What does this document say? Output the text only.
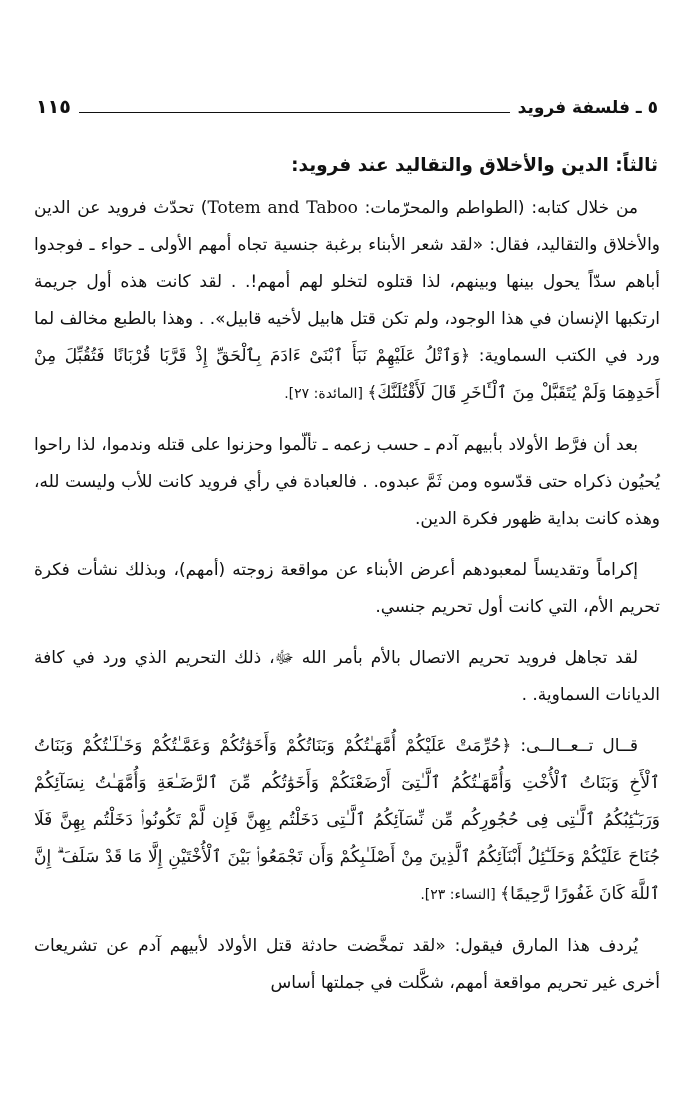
٥ ـ فلسفة فرويد
١١٥
ثالثاً: الدين والأخلاق والتقاليد عند فرويد:

من خلال كتابه: (الطواطم والمحرّمات: Totem and Taboo) تحدّث فرويد عن الدين والأخلاق والتقاليد، فقال: «لقد شعر الأبناء برغبة جنسية تجاه أمهم الأولى ـ حواء ـ فوجدوا أباهم سدّاً يحول بينها وبينهم، لذا قتلوه لتخلو لهم أمهم!. . لقد كانت هذه أول جريمة ارتكبها الإنسان في هذا الوجود، ولم تكن قتل هابيل لأخيه قابيل». . وهذا بالطبع مخالف لما ورد في الكتب السماوية: ﴿وَٱتْلُ عَلَيْهِمْ نَبَأَ ٱبْنَىْ ءَادَمَ بِٱلْحَقِّ إِذْ قَرَّبَا قُرْبَانًا فَتُقُبِّلَ مِنْ أَحَدِهِمَا وَلَمْ يُتَقَبَّلْ مِنَ ٱلْـَٔاخَرِ قَالَ لَأَقْتُلَنَّكَ﴾ [المائدة: ٢٧].

بعد أن فرَّط الأولاد بأبيهم آدم ـ حسب زعمه ـ تألّموا وحزنوا على قتله وندموا، لذا راحوا يُحيُون ذكراه حتى قدّسوه ومن ثَمَّ عبدوه. . فالعبادة في رأي فرويد كانت للأب وليست لله، وهذه كانت بداية ظهور فكرة الدين.

إكراماً وتقديساً لمعبودهم أعرض الأبناء عن مواقعة زوجته (أمهم)، وبذلك نشأت فكرة تحريم الأم، التي كانت أول تحريم جنسي.

لقد تجاهل فرويد تحريم الاتصال بالأم بأمر الله ﷻ، ذلك التحريم الذي ورد في كافة الديانات السماوية. .

قــال تــعــالــى: ﴿حُرِّمَتْ عَلَيْكُمْ أُمَّهَـٰتُكُمْ وَبَنَاتُكُمْ وَأَخَوَٰتُكُمْ وَعَمَّـٰتُكُمْ وَخَـٰلَـٰتُكُمْ وَبَنَاتُ ٱلْأَخِ وَبَنَاتُ ٱلْأُخْتِ وَأُمَّهَـٰتُكُمُ ٱلَّـٰتِىٓ أَرْضَعْنَكُمْ وَأَخَوَٰتُكُم مِّنَ ٱلرَّضَـٰعَةِ وَأُمَّهَـٰتُ نِسَآئِكُمْ وَرَبَـٰٓئِبُكُمُ ٱلَّـٰتِى فِى حُجُورِكُم مِّن نِّسَآئِكُمُ ٱلَّـٰتِى دَخَلْتُم بِهِنَّ فَإِن لَّمْ تَكُونُوا۟ دَخَلْتُم بِهِنَّ فَلَا جُنَاحَ عَلَيْكُمْ وَحَلَـٰٓئِلُ أَبْنَآئِكُمُ ٱلَّذِينَ مِنْ أَصْلَـٰبِكُمْ وَأَن تَجْمَعُوا۟ بَيْنَ ٱلْأُخْتَيْنِ إِلَّا مَا قَدْ سَلَفَ ۗ إِنَّ ٱللَّهَ كَانَ غَفُورًا رَّحِيمًا﴾ [النساء: ٢٣].

يُردف هذا المارق فيقول: «لقد تمخَّضت حادثة قتل الأولاد لأبيهم آدم عن تشريعات أخرى غير تحريم مواقعة أمهم، شكَّلت في جملتها أساس
